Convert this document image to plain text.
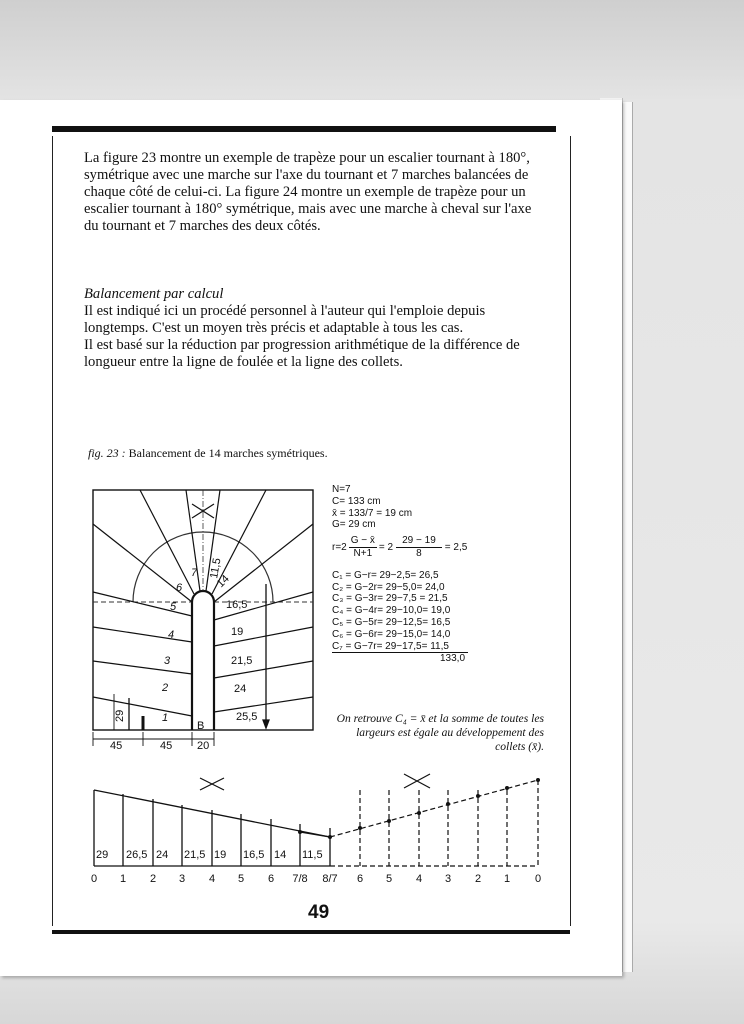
La figure 23 montre un exemple de trapèze pour un escalier tournant à 180°, symétrique avec une marche sur l'axe du tournant et 7 marches balancées de chaque côté de celui-ci. La figure 24 montre un exemple de trapèze pour un escalier tournant à 180° symétrique, mais avec une marche à cheval sur l'axe du tournant et 7 marches des deux côtés.
Balancement par calcul
Il est indiqué ici un procédé personnel à l'auteur qui l'emploie depuis longtemps. C'est un moyen très précis et adaptable à tous les cas.
Il est basé sur la réduction par progression arithmétique de la différence de longueur entre la ligne de foulée et la ligne des collets.
fig. 23 : Balancement de 14 marches symétriques.
1
2
3
4
5
6
7 11,5
14
16,5
19
21,5
24
25,5
45	45 20
B
29
N=7
C= 133 cm
x̄ = 133/7 = 19 cm
G= 29 cm
$r=2 \frac{G - x̄}{N+1} = 2 \frac{29 - 19}{8} = 2,5$
C₁ = G−r= 29−2,5= 26,5
C₂ = G−2r= 29−5,0= 24,0
C₃ = G−3r= 29−7,5 = 21,5
C₄ = G−4r= 29−10,0= 19,0
C₅ = G−5r= 29−12,5= 16,5
C₆ = G−6r= 29−15,0= 14,0
C₇ = G−7r= 29−17,5= 11,5
133,0
On retrouve C₄ = x̄ et la somme de toutes les largeurs est égale au développement des collets (x̄).
29 26,5 24 21,5 19 16,5 14 11,5
0 1 2 3 4 5 6 7/8 8/7 6 5 4 3 2 1 0
49
